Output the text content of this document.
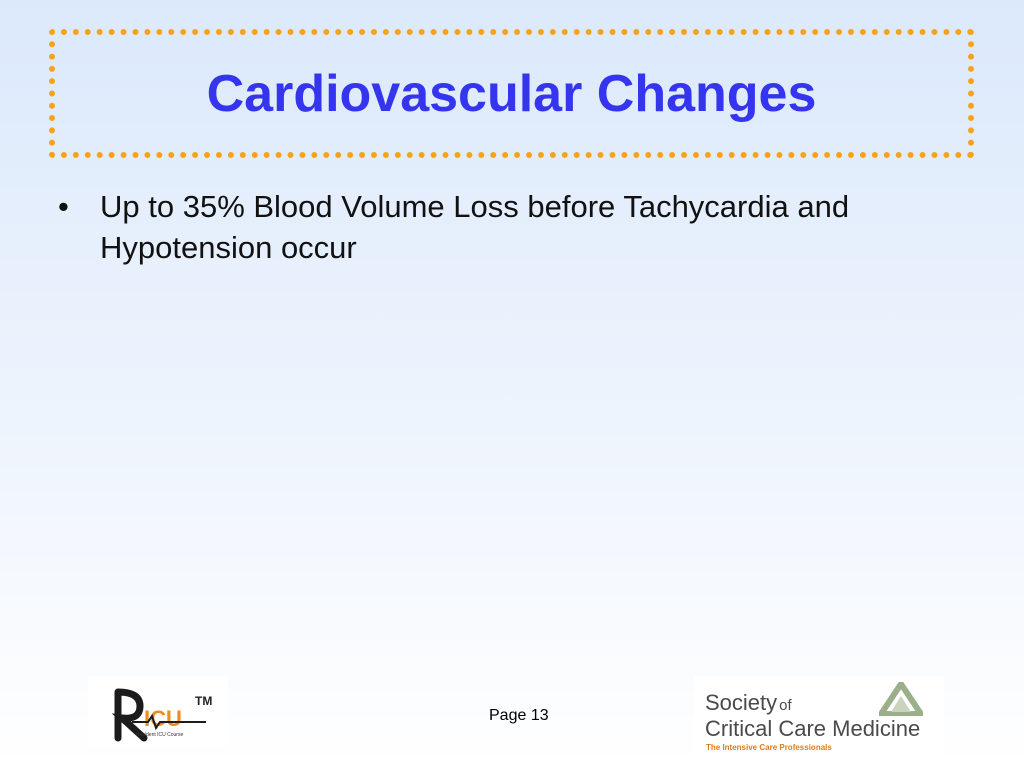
Cardiovascular Changes
• Up to 35% Blood Volume Loss before Tachycardia and Hypotension occur
ICU
TM
Resident ICU Course
Page 13
Society of
Critical Care Medicine
The Intensive Care Professionals
